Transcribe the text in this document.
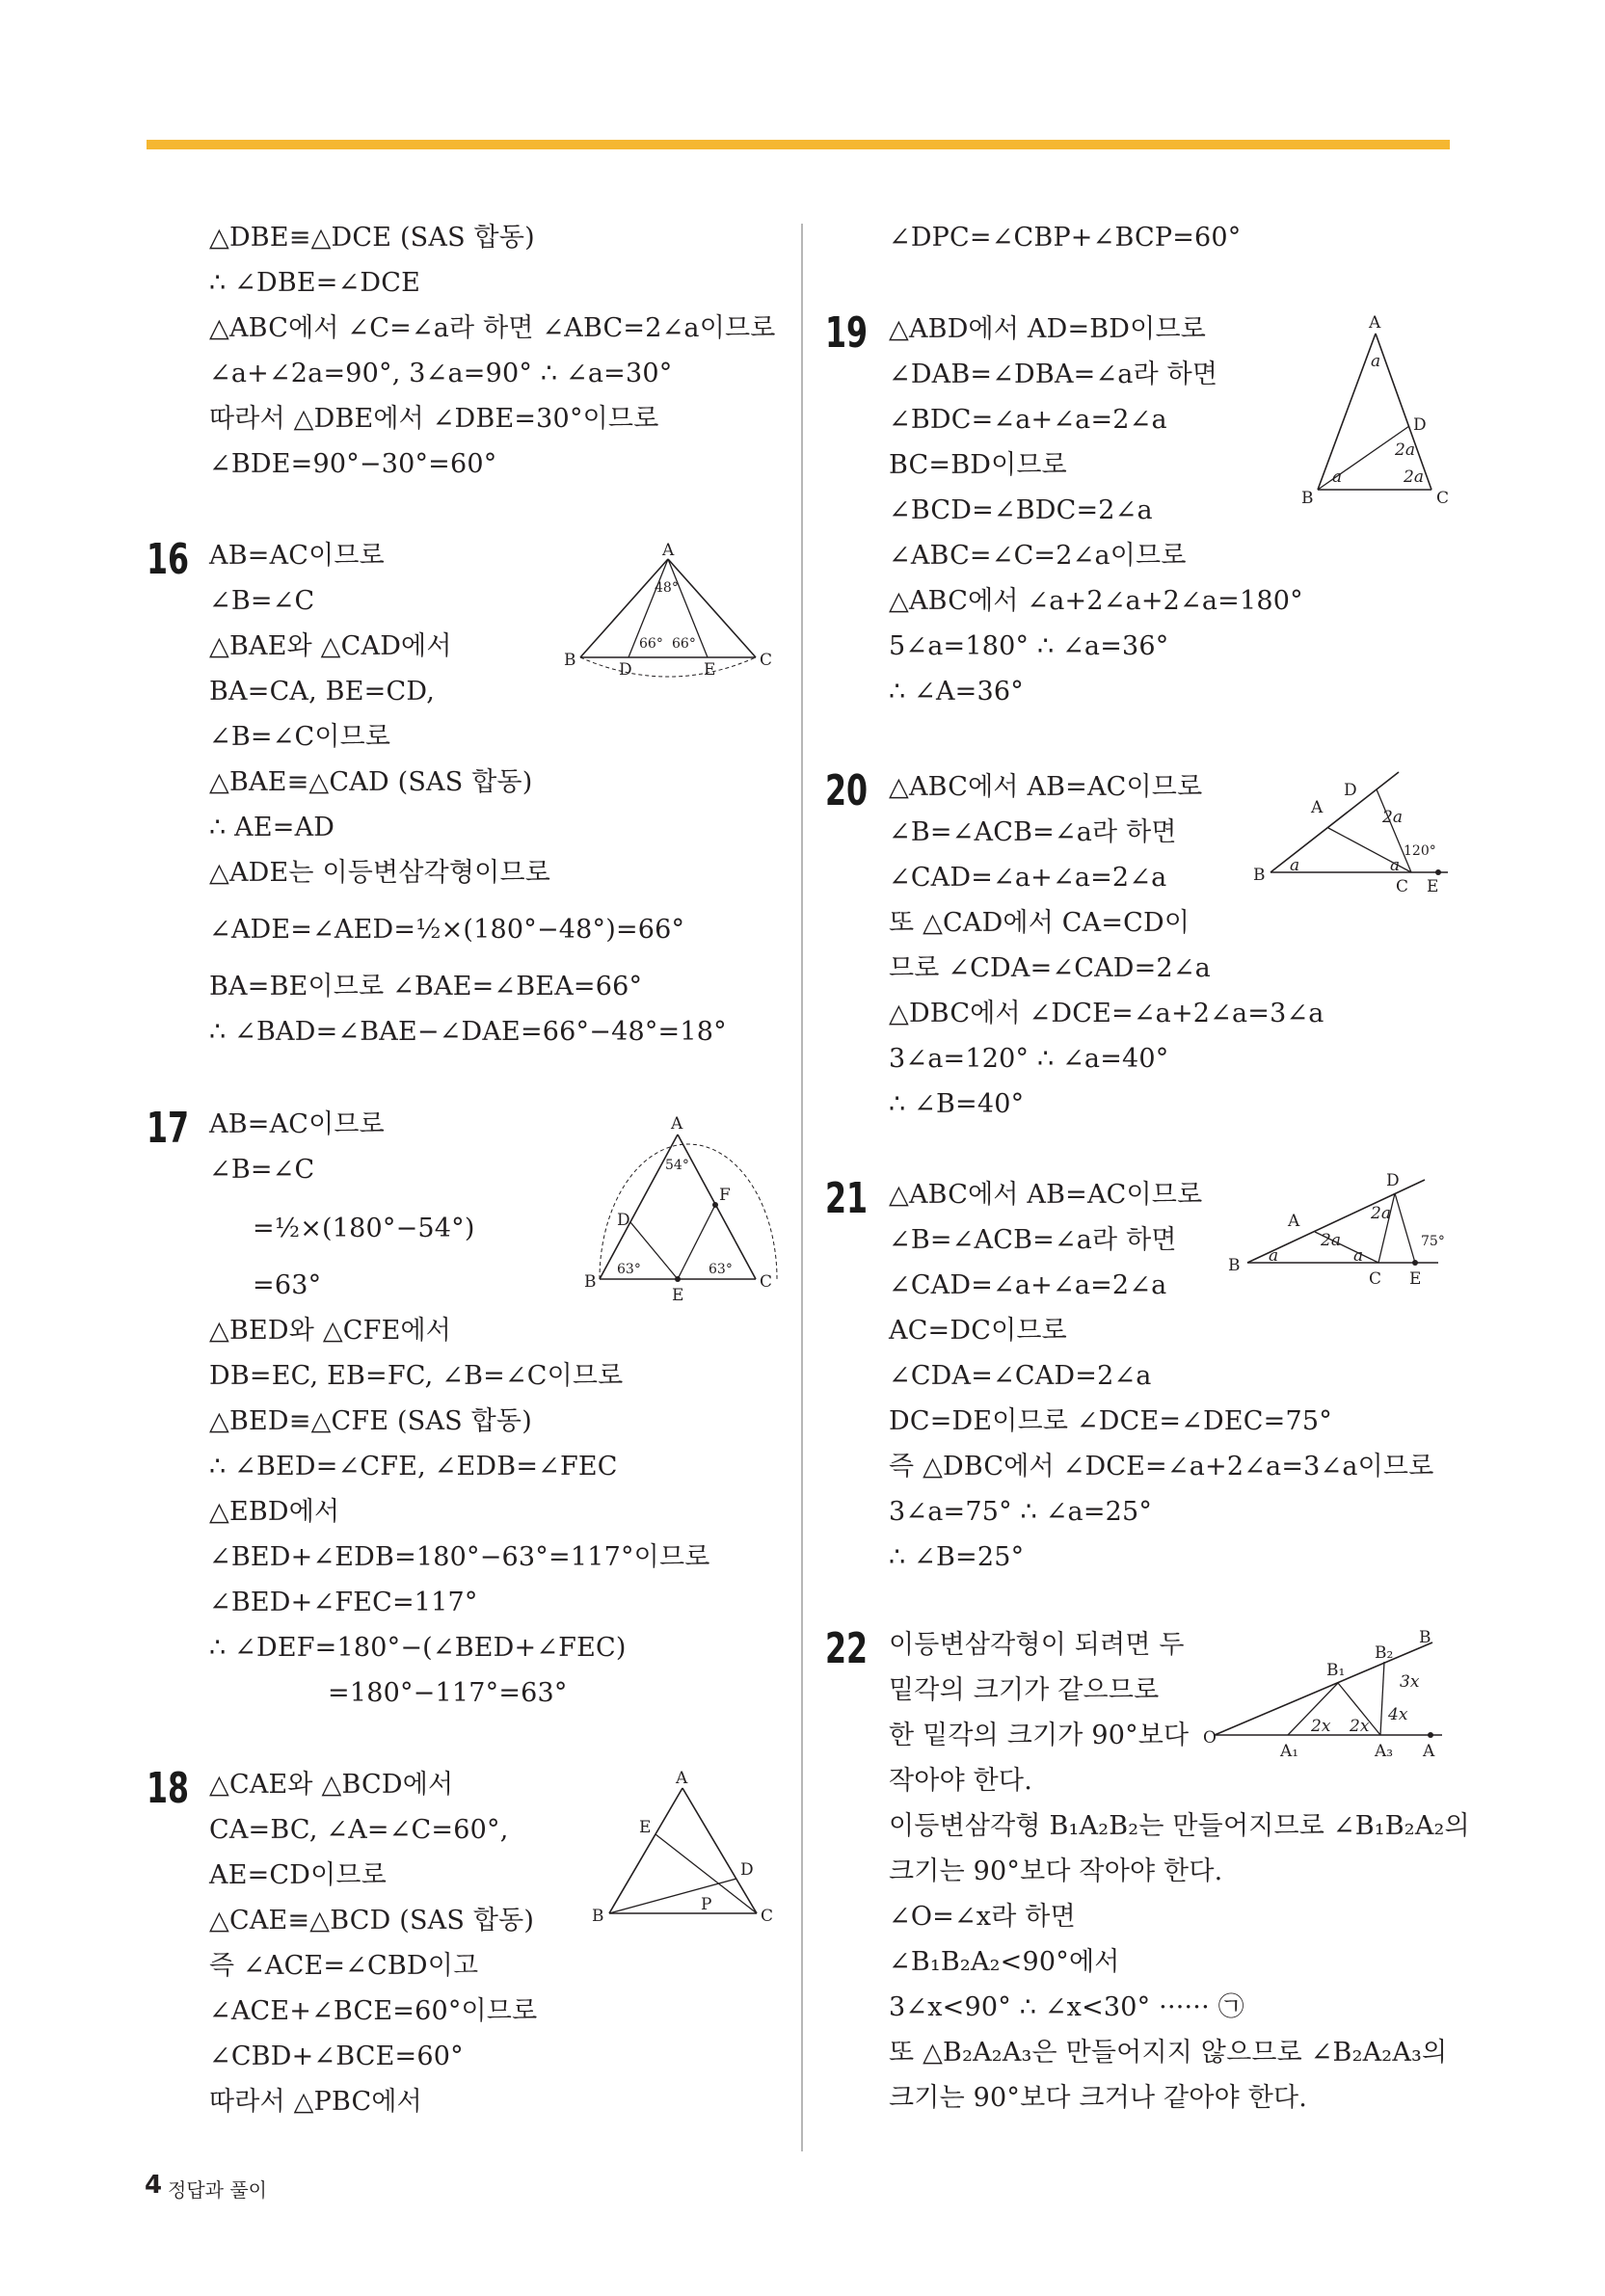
△DBE≡△DCE (SAS 합동)
∴ ∠DBE=∠DCE
△ABC에서 ∠C=∠a라 하면 ∠ABC=2∠a이므로
∠a+∠2a=90°, 3∠a=90° ∴ ∠a=30°
따라서 △DBE에서 ∠DBE=30°이므로
∠BDE=90°−30°=60°
16 AB=AC이므로
∠B=∠C
△BAE와 △CAD에서
BA=CA, BE=CD,
∠B=∠C이므로
△BAE≡△CAD (SAS 합동)
∴ AE=AD
△ADE는 이등변삼각형이므로
∠ADE=∠AED=½×(180°−48°)=66°
BA=BE이므로 ∠BAE=∠BEA=66°
∴ ∠BAD=∠BAE−∠DAE=66°−48°=18°
A
B	C
D	E
48°
66° 66°
17 AB=AC이므로
∠B=∠C
=½×(180°−54°)
=63°
△BED와 △CFE에서
DB=EC, EB=FC, ∠B=∠C이므로
△BED≡△CFE (SAS 합동)
∴ ∠BED=∠CFE, ∠EDB=∠FEC
△EBD에서
∠BED+∠EDB=180°−63°=117°이므로
∠BED+∠FEC=117°
∴ ∠DEF=180°−(∠BED+∠FEC)
=180°−117°=63°
A
B	C
D
E
F
54°
63°	63°
18 △CAE와 △BCD에서
CA=BC, ∠A=∠C=60°,
AE=CD이므로
△CAE≡△BCD (SAS 합동)
즉 ∠ACE=∠CBD이고
∠ACE+∠BCE=60°이므로
∠CBD+∠BCE=60°
따라서 △PBC에서
A
B	C
D
E
P
∠DPC=∠CBP+∠BCP=60°
19 △ABD에서 AD=BD이므로
∠DAB=∠DBA=∠a라 하면
∠BDC=∠a+∠a=2∠a
BC=BD이므로
∠BCD=∠BDC=2∠a
∠ABC=∠C=2∠a이므로
△ABC에서 ∠a+2∠a+2∠a=180°
5∠a=180° ∴ ∠a=36°
∴ ∠A=36°
A
B	C
D
a
a
2a
2a
20 △ABC에서 AB=AC이므로
∠B=∠ACB=∠a라 하면
∠CAD=∠a+∠a=2∠a
또 △CAD에서 CA=CD이
므로 ∠CDA=∠CAD=2∠a
△DBC에서 ∠DCE=∠a+2∠a=3∠a
3∠a=120° ∴ ∠a=40°
∴ ∠B=40°
A
B
C
D
E
a	a
2a
120°
21 △ABC에서 AB=AC이므로
∠B=∠ACB=∠a라 하면
∠CAD=∠a+∠a=2∠a
AC=DC이므로
∠CDA=∠CAD=2∠a
DC=DE이므로 ∠DCE=∠DEC=75°
즉 △DBC에서 ∠DCE=∠a+2∠a=3∠a이므로
3∠a=75° ∴ ∠a=25°
∴ ∠B=25°
A
B
C
D
E
a	a
2a
2a
75°
22 이등변삼각형이 되려면 두
밑각의 크기가 같으므로
한 밑각의 크기가 90°보다
작아야 한다.
이등변삼각형 B₁A₂B₂는 만들어지므로 ∠B₁B₂A₂의
크기는 90°보다 작아야 한다.
∠O=∠x라 하면
∠B₁B₂A₂<90°에서
3∠x<90° ∴ ∠x<30° ······ ㉠
또 △B₂A₂A₃은 만들어지지 않으므로 ∠B₂A₂A₃의
크기는 90°보다 크거나 같아야 한다.
O
A₁	A₃ A
B₁
B₂
B
2x 2x
3x
4x
4 정답과 풀이
